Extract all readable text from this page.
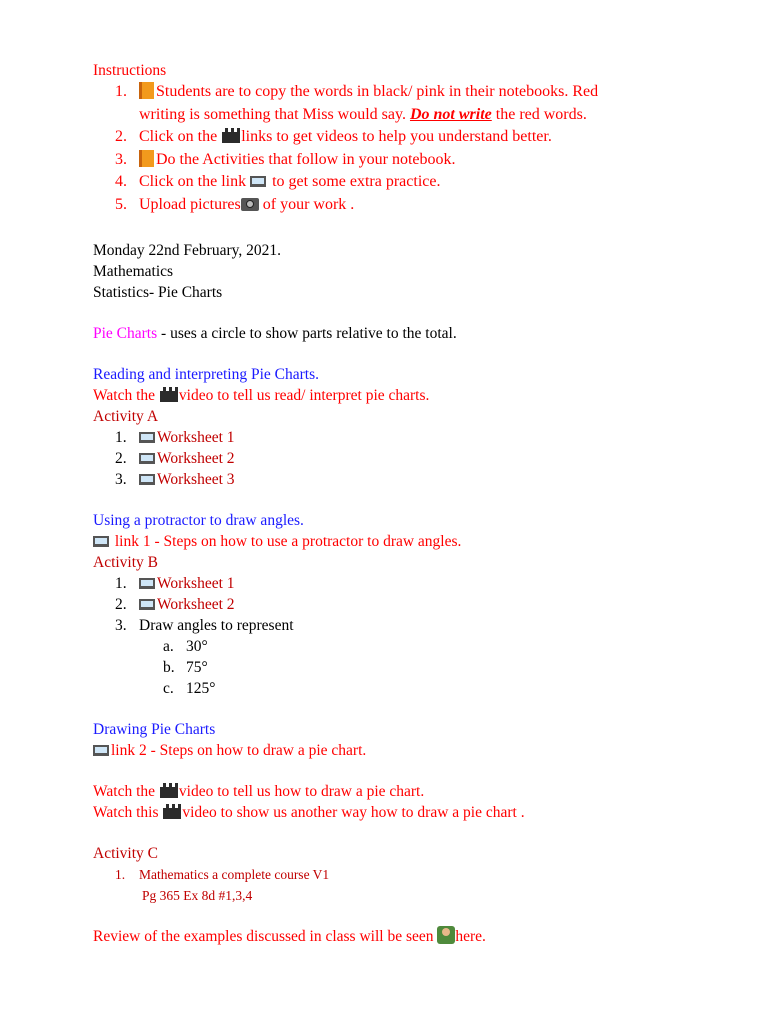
Instructions
1. Students are to copy the words in black/ pink in their notebooks. Red
writing is something that Miss would say. Do not write the red words.
2. Click on the links to get videos to help you understand better.
3. Do the Activities that follow in your notebook.
4. Click on the link  to get some extra practice.
5. Upload pictures of your work .
Monday 22nd February, 2021.
Mathematics
Statistics- Pie Charts
Pie Charts - uses a circle to show parts relative to the total.
Reading and interpreting Pie Charts.
Watch the video to tell us read/ interpret pie charts.
Activity A
1. Worksheet 1
2. Worksheet 2
3. Worksheet 3
Using a protractor to draw angles.
link 1 - Steps on how to use a protractor to draw angles.
Activity B
1. Worksheet 1
2. Worksheet 2
3. Draw angles to represent
a. 30°
b. 75°
c. 125°
Drawing Pie Charts
link 2 - Steps on how to draw a pie chart.
Watch the video to tell us how to draw a pie chart.
Watch this video to show us another way how to draw a pie chart .
Activity C
1. Mathematics a complete course V1
Pg 365 Ex 8d #1,3,4
Review of the examples discussed in class will be seen here.
